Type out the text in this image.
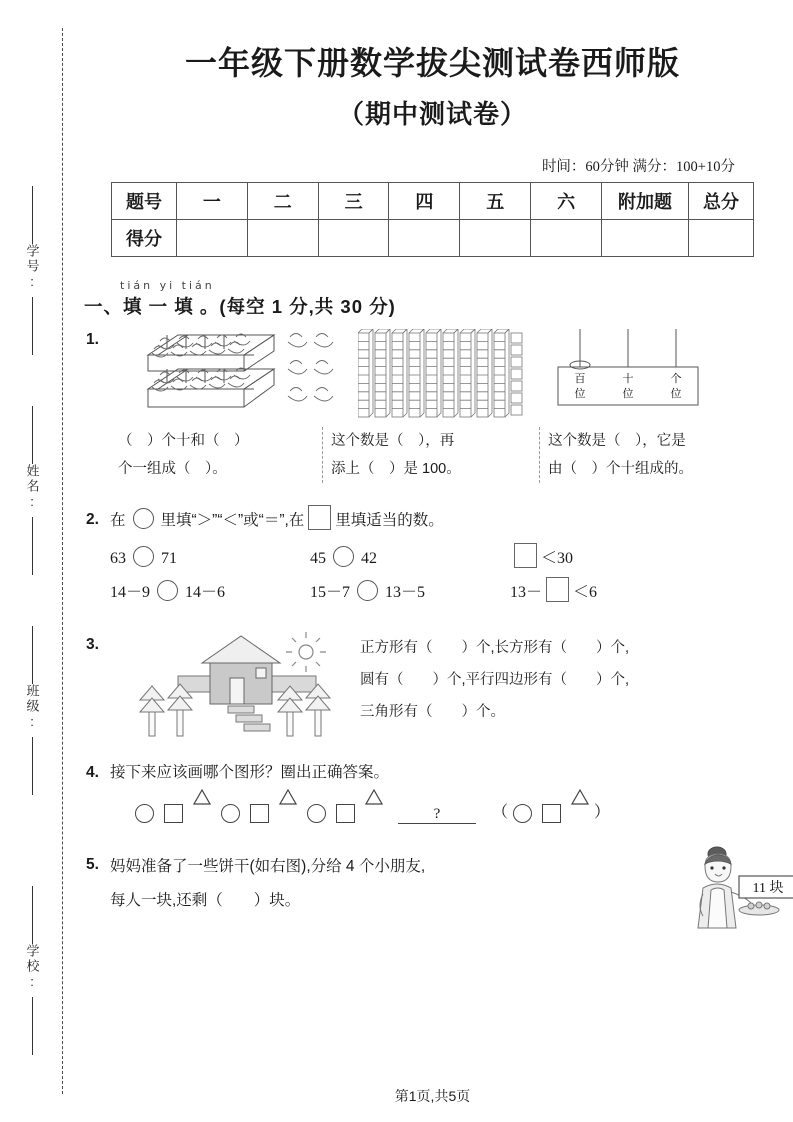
学号:
姓名:
班级:
学校:
一年级下册数学拔尖测试卷西师版
（期中测试卷）
时间：60分钟 满分：100+10分
题号	一	二	三	四	五	六	附加题	总分
得分								
tián yi tián
一、填 一 填 。(每空 1 分,共 30 分)
1.
百
位
十
位
个
位
（　）个十和（　）
个一组成（　）。
这个数是（　），再
添上（　）是 100。
这个数是（　），它是
由（　）个十组成的。
2. 在 里填“＞”“＜”或“＝”,在 里填适当的数。
63 71	45 42	＜30
14－9 14－6	15－7 13－5	13－ ＜6
3.	正方形有（　　）个,长方形有（　　）个,
圆有（　　）个,平行四边形有（　　）个,
三角形有（　　）个。
4. 接下来应该画哪个图形？圈出正确答案。
?	（	）
5. 妈妈准备了一些饼干(如右图),分给 4 个小朋友,
每人一块,还剩（　　）块。
11 块
第1页,共5页
